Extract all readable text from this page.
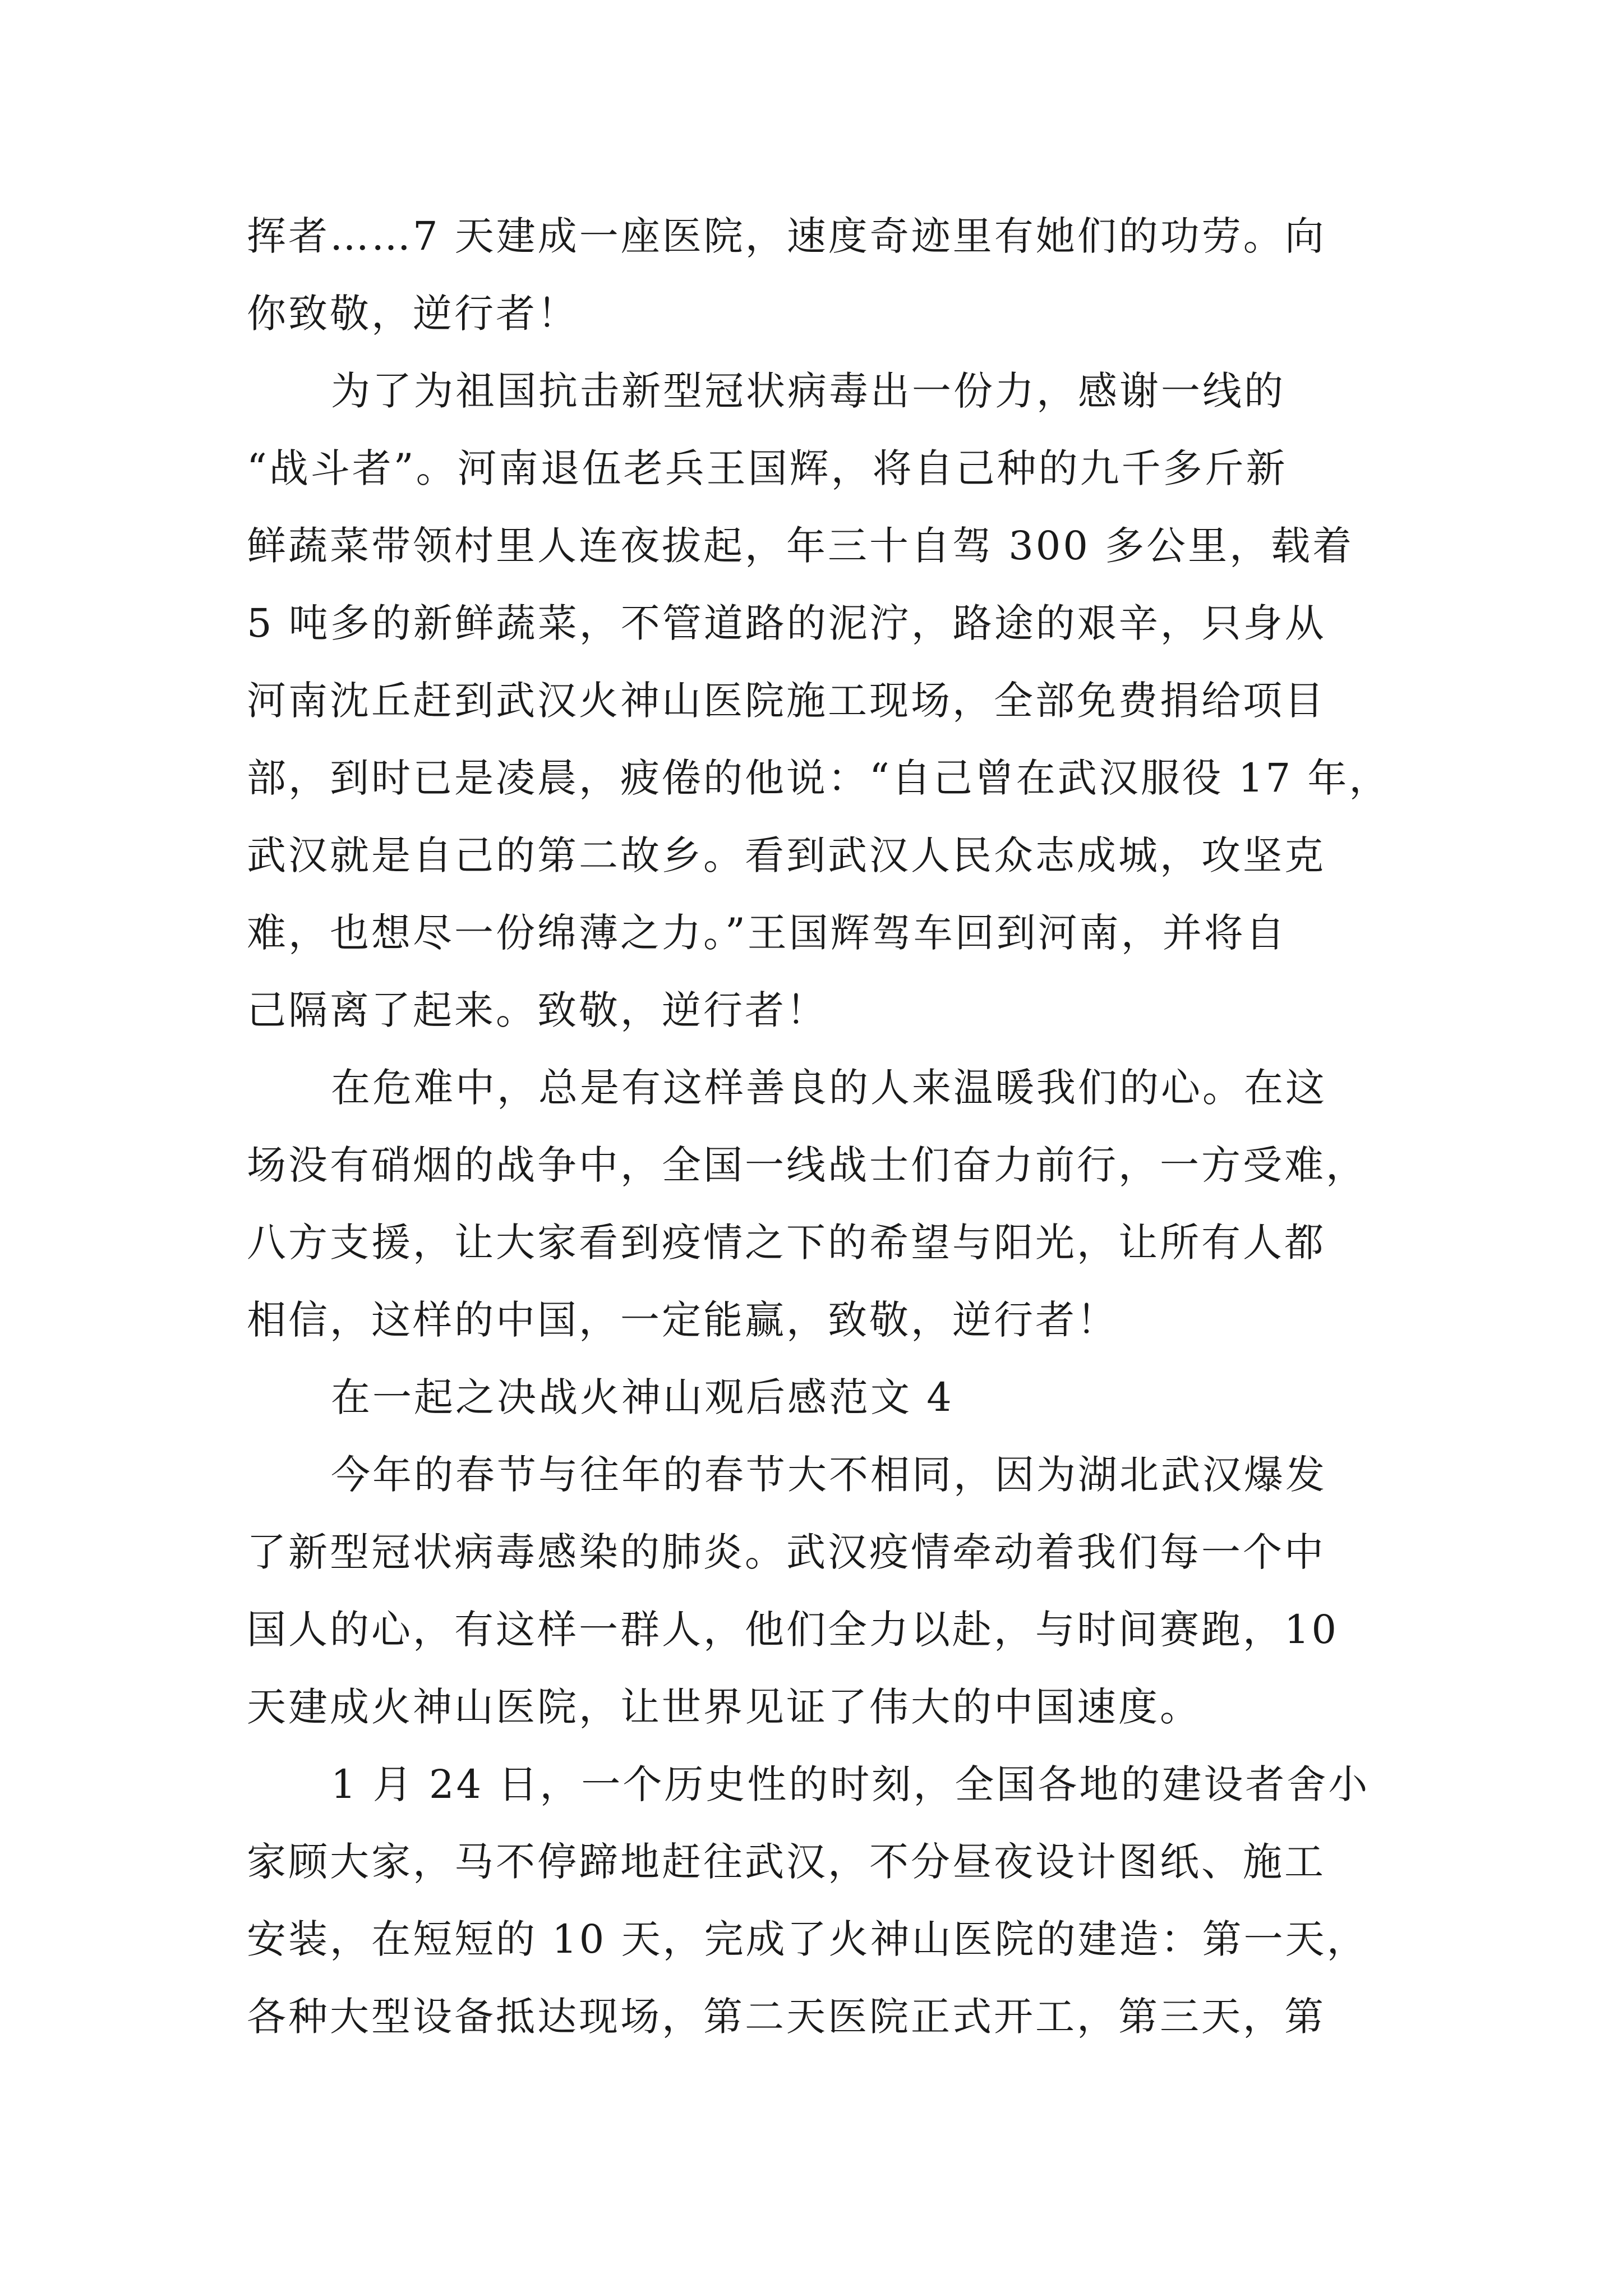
挥者……7 天建成一座医院，速度奇迹里有她们的功劳。向
你致敬，逆行者！
为了为祖国抗击新型冠状病毒出一份力，感谢一线的
“战斗者”。河南退伍老兵王国辉，将自己种的九千多斤新
鲜蔬菜带领村里人连夜拔起，年三十自驾 300 多公里，载着
5 吨多的新鲜蔬菜，不管道路的泥泞，路途的艰辛，只身从
河南沈丘赶到武汉火神山医院施工现场，全部免费捐给项目
部，到时已是凌晨，疲倦的他说：“自己曾在武汉服役 17 年，
武汉就是自己的第二故乡。看到武汉人民众志成城，攻坚克
难，也想尽一份绵薄之力。”王国辉驾车回到河南，并将自
己隔离了起来。致敬，逆行者！
在危难中，总是有这样善良的人来温暖我们的心。在这
场没有硝烟的战争中，全国一线战士们奋力前行，一方受难，
八方支援，让大家看到疫情之下的希望与阳光，让所有人都
相信，这样的中国，一定能赢，致敬，逆行者！
在一起之决战火神山观后感范文 4
今年的春节与往年的春节大不相同，因为湖北武汉爆发
了新型冠状病毒感染的肺炎。武汉疫情牵动着我们每一个中
国人的心，有这样一群人，他们全力以赴，与时间赛跑，10
天建成火神山医院，让世界见证了伟大的中国速度。
1 月 24 日，一个历史性的时刻，全国各地的建设者舍小
家顾大家，马不停蹄地赶往武汉，不分昼夜设计图纸、施工
安装，在短短的 10 天，完成了火神山医院的建造：第一天，
各种大型设备抵达现场，第二天医院正式开工，第三天，第
